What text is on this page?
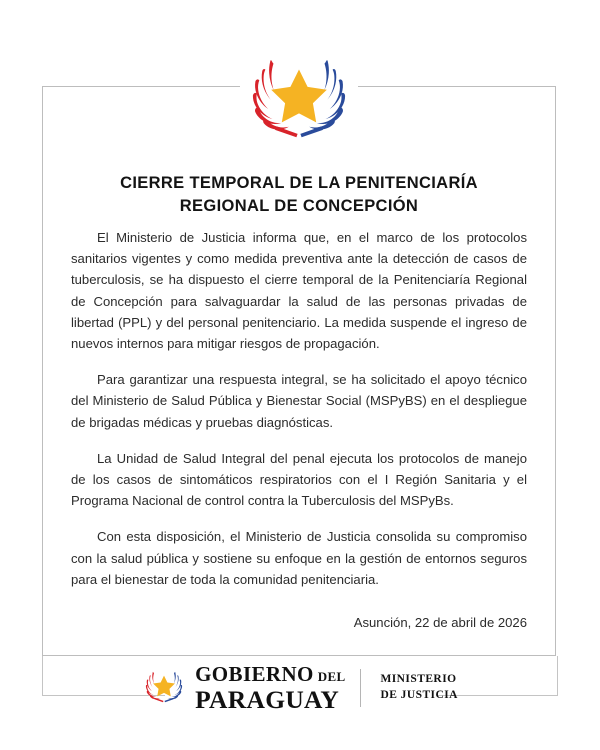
CIERRE TEMPORAL DE LA PENITENCIARÍA
REGIONAL DE CONCEPCIÓN

El Ministerio de Justicia informa que, en el marco de los protocolos sanitarios vigentes y como medida preventiva ante la detección de casos de tuberculosis, se ha dispuesto el cierre temporal de la Penitenciaría Regional de Concepción para salvaguardar la salud de las personas privadas de libertad (PPL) y del personal penitenciario. La medida suspende el ingreso de nuevos internos para mitigar riesgos de propagación.

Para garantizar una respuesta integral, se ha solicitado el apoyo técnico del Ministerio de Salud Pública y Bienestar Social (MSPyBS) en el despliegue de brigadas médicas y pruebas diagnósticas.

La Unidad de Salud Integral del penal ejecuta los protocolos de manejo de los casos de sintomáticos respiratorios con el I Región Sanitaria y el Programa Nacional de control contra la Tuberculosis del MSPyBs.

Con esta disposición, el Ministerio de Justicia consolida su compromiso con la salud pública y sostiene su enfoque en la gestión de entornos seguros para el bienestar de toda la comunidad penitenciaria.

Asunción, 22 de abril de 2026
GOBIERNO DEL
PARAGUAY
MINISTERIO
DE JUSTICIA
